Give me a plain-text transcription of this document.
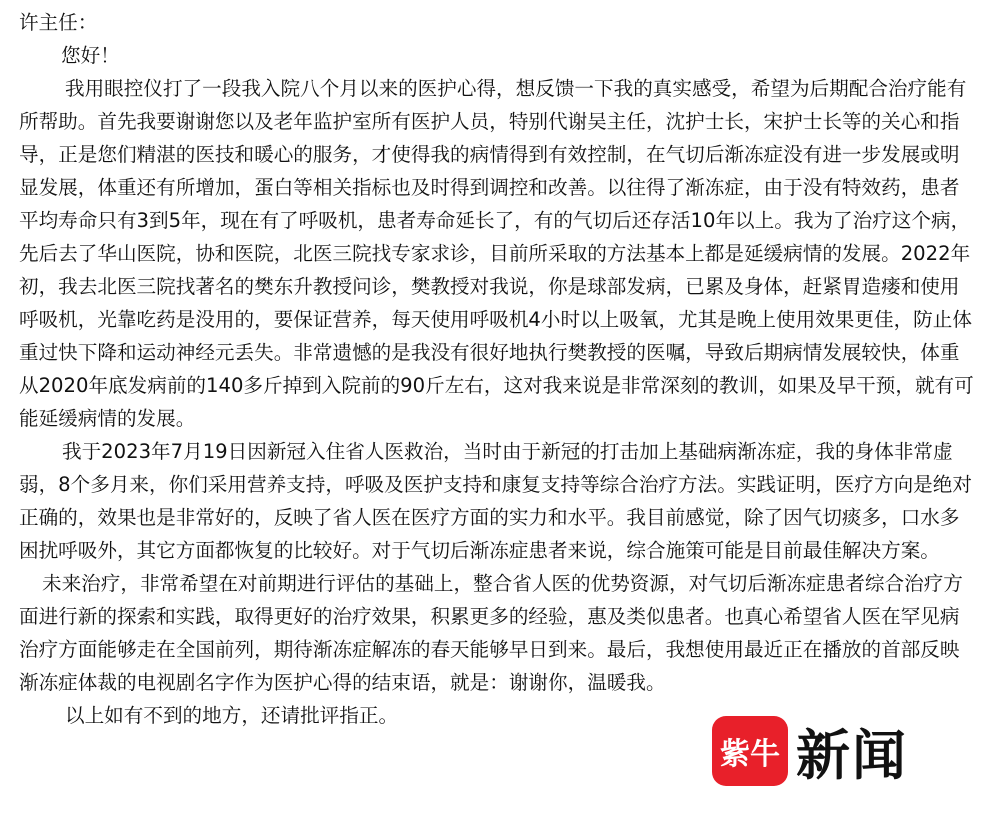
许主任：

您好！

我用眼控仪打了一段我入院八个月以来的医护心得，想反馈一下我的真实感受，希望为后期配合治疗能有所帮助。首先我要谢谢您以及老年监护室所有医护人员，特别代谢吴主任，沈护士长，宋护士长等的关心和指导，正是您们精湛的医技和暖心的服务，才使得我的病情得到有效控制，在气切后渐冻症没有进一步发展或明显发展，体重还有所增加，蛋白等相关指标也及时得到调控和改善。以往得了渐冻症，由于没有特效药，患者平均寿命只有3到5年，现在有了呼吸机，患者寿命延长了，有的气切后还存活10年以上。我为了治疗这个病，先后去了华山医院，协和医院，北医三院找专家求诊，目前所采取的方法基本上都是延缓病情的发展。2022年初，我去北医三院找著名的樊东升教授问诊，樊教授对我说，你是球部发病，已累及身体，赶紧胃造瘘和使用呼吸机，光靠吃药是没用的，要保证营养，每天使用呼吸机4小时以上吸氧，尤其是晚上使用效果更佳，防止体重过快下降和运动神经元丢失。非常遗憾的是我没有很好地执行樊教授的医嘱，导致后期病情发展较快，体重从2020年底发病前的140多斤掉到入院前的90斤左右，这对我来说是非常深刻的教训，如果及早干预，就有可能延缓病情的发展。

我于2023年7月19日因新冠入住省人医救治，当时由于新冠的打击加上基础病渐冻症，我的身体非常虚弱，8个多月来，你们采用营养支持，呼吸及医护支持和康复支持等综合治疗方法。实践证明，医疗方向是绝对正确的，效果也是非常好的，反映了省人医在医疗方面的实力和水平。我目前感觉，除了因气切痰多，口水多困扰呼吸外，其它方面都恢复的比较好。对于气切后渐冻症患者来说，综合施策可能是目前最佳解决方案。

未来治疗，非常希望在对前期进行评估的基础上，整合省人医的优势资源，对气切后渐冻症患者综合治疗方面进行新的探索和实践，取得更好的治疗效果，积累更多的经验，惠及类似患者。也真心希望省人医在罕见病治疗方面能够走在全国前列，期待渐冻症解冻的春天能够早日到来。最后，我想使用最近正在播放的首部反映渐冻症体裁的电视剧名字作为医护心得的结束语，就是：谢谢你，温暖我。

以上如有不到的地方，还请批评指正。

紫牛 新闻
